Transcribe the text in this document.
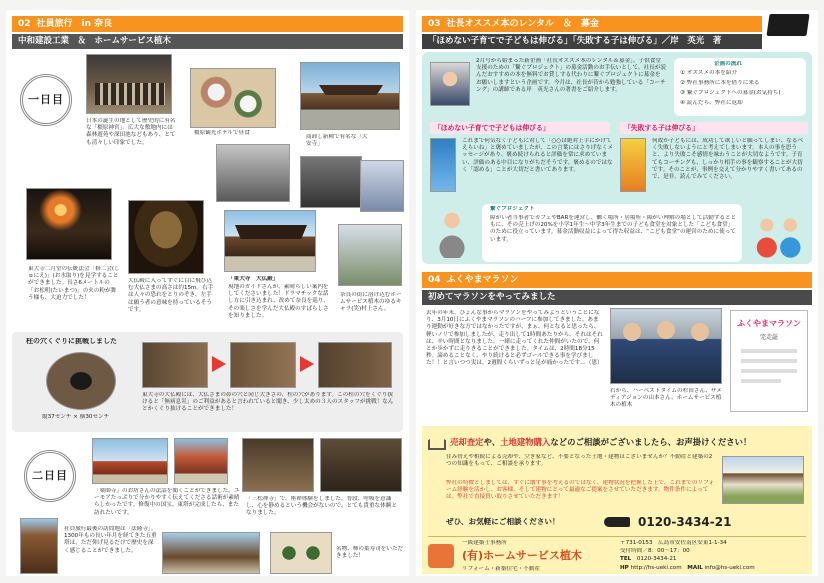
02 社員旅行　in 奈良
中和建設工業　＆　ホームサービス植木
一日目
日本の誕生の地として歴史的に有名な「橿原神宮」。広大な敷地内には森林遊苑や深田池などもあり、とても清々しい印象でした。
橿原観光ホテルで昼食
商卸し新種で有名な「大安寺」
東大寺二月堂の伝統法会「修二会(しゅにえ)」(お水取り)を見学することができました。長さ6メートルの「お松明(たいまつ)」の火の粉が舞う様も、大迫力でした！
大仏殿に入ってすぐに目に飛び込む大仏さまの高さは約15m。右手は人々の恐れをとりのぞき、左手は願う者の意味を持っているそうです。
「東大寺　大仏殿」
現地のガイドさんが、素晴らしい案内をしてくださいました！ドラマチックな話し方に引き込まれ、改めて奈良を巡り、その楽しさを学んだ大仏殿のすばらしさを知りました。
奈良の街に溶け込むホームサービス植木のゆるキャラ(笑)村上さん。
柱の穴くぐりに挑戦しました
縦37センチ × 横30センチ
東大寺の大仏殿には、大仏さまの鼻の穴と同じ大きさの、柱の穴があります。この柱の穴をくぐり抜けると「無病息災」のご利益があると言われていると聞き、少し太めの３人のスタッフが挑戦！なんとかくぐり抜けることができました！
二日目
「薬師寺」のお坊さんの法話を聞くことができました。ユーモアたっぷりで分かりやすく伝えてくださる話術が素晴らしかったです。修復中の国宝、東塔が完成したら、また訪れたいです。
「三松禅寺」で、座禅体験をしました。普段、呼吸を意識し、心を静めるという機会がないので、とても貴重な体験となりました。
社員旅行最後の訪問地は「法隆寺」。1300年もの長い年月を経てきた五重塔は、ただ仰げ見るだけで歴史を深く感じることができました。	名物、柿の葉寿司をいただきました！
03 社長オススメ本のレンタル　＆　募金
「ほめない子育てで子どもは伸びる」「失敗する子は伸びる」／岸　英光　著
2月号から始まった新企画「社長オススメ本のレンタル＆募金」。子供食堂支援のための「繋ぐプロジェクト」の募金活動のお手伝いとして、社長が読んだおすすめの本を無料でお貸しする代わりに繋ぐプロジェクトに募金をお願いしますという企画です。今月は、社長が昔から勉強している「コーチング」の講師である岸　英光さんの著書をご紹介します。
企画の流れ
① オススメの本を紹介
② 弊社事務所に本を借りに来る
③ 繋ぐプロジェクトへの募金(お気持ち)
④ 読んだら、弊社に返却
「ほめない子育てで子どもは伸びる」
これまで何気なく子どもに対して「○○は絶対上手にかけてえらいね」と褒めていましたが、この言葉にはさりげなくメッセージがあり、褒め続けられると評価を常に求めていまい、評価のある中目になりがちだそうです。褒めるのではなく「認める」ことが大切だと書いてあります。
「失敗する子は伸びる」
何故か子どもには、成功して欲しいと願ってしまい、なるべく失敗しないようにと考えてしまいます。本人の事を思うと、より失敗こそ感情を味わうことが大切なようです。子育てもコーチングも、しっかり相手の事を観察することが大切です。そのことが、事例を交えて分かりやすく書いてあるので、是非、読んでみてください。
繋ぐプロジェクト
障がい者当事者でカフェやBARを運営し、働く場所・居場所・障がい理解の場として活動するとともに、その売上げの20%を小学1年生〜中学3年生までの子ども食堂を対象とした「こども食堂」のために役立っています。募金活動収益によって得た収益は、“こども食堂”の運営のために使っています。
04 ふくやまマラソン
初めてマラソンをやってみました
去年の年末、ひょんな事からマラソンをやってみようということになり、3月10日にふくやまマラソンのハーフに参加してきました。あまり運動が好きな方ではなかったですが、まぁ、何となると思ったら、軽いノリで参加しましたが、走り出して1時間あたりから、それはそれは、辛い時間となりました。一緒に走ってくれた仲間がいたので、何とか歩かずに走りきることができました。タイムは、2時間18分15秒。諦めることなく、やり続けると必ずゴールできる事を学びました！！と言いつつ実は、2週間くらいずっと足が痛かったです…（恩）
右から、ハーベストタイムの杉田さん、ザメディアジョンの山本さん、ホームサービス植木の植木
ふくやまマラソン
完走証
売却査定や、土地建物購入などのご相談がございましたら、お声掛けください！
住み替えや相続による売却や、空き家など、不要となった土地・建物はございませんか？不動産と建築の2つの知識をもって、ご相談を承ります。
弊社の特徴としましては、すぐに壊す事を考えるのではなく、建物状況を把握した上で、これまでのリフォーム経験を活かし、お客様、そして建物にとって最適なご提案をさせていただきます。物件条件によっては、弊社で直接買い取りさせていただきます！
ぜひ、お気軽にご相談ください！	0120-3434-21
一級建築士事務所
(有)ホームサービス植木
リフォーム・新築住宅・不動産
〒731-0153　広島市安佐南区安東1-1-34
受付時間／8：00～17：00
TEL　 0120-3434-21
HP http://hs-ueki.com　 MAIL info@hs-ueki.com
